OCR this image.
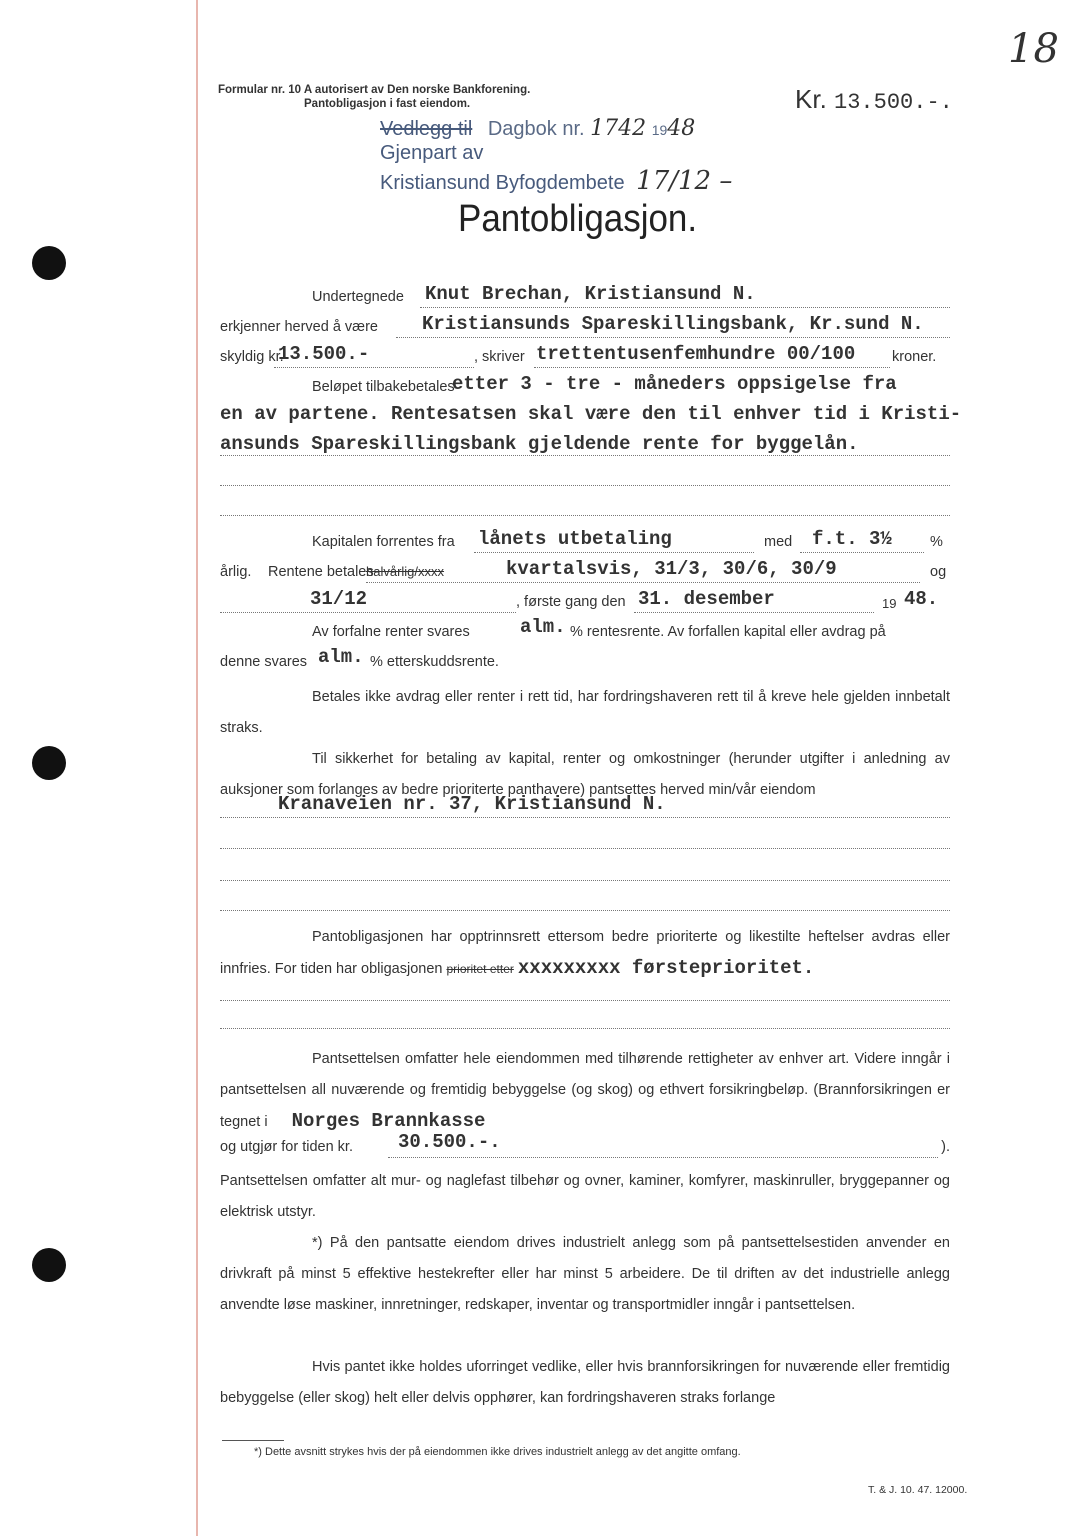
18
Formular nr. 10 A autorisert av Den norske Bankforening.
Pantobligasjon i fast eiendom.	Kr. 13.500.-.
Vedlegg til Dagbok nr. 1742 1948
Gjenpart av
Kristiansund Byfogdembete 17/12 –
Pantobligasjon.
Undertegnede Knut Brechan, Kristiansund N.
erkjenner herved å være Kristiansunds Spareskillingsbank, Kr.sund N.
skyldig kr.
13.500.-	, skriver trettentusenfemhundre 00/100	kroner.
Beløpet tilbakebetales
etter 3 - tre - måneders oppsigelse fra
en av partene. Rentesatsen skal være den til enhver tid i Kristi-
ansunds Spareskillingsbank gjeldende rente for byggelån.
Kapitalen forrentes fra lånets utbetaling	med f.t. 3½	%
årlig. Rentene betales
halvårlig/xxxx	kvartalsvis, 31/3, 30/6, 30/9	og
31/12	, første gang den 31. desember	19 48.
Av forfalne renter svares	alm. % rentesrente. Av forfallen kapital eller avdrag på
denne svares alm. % etterskuddsrente.
Betales ikke avdrag eller renter i rett tid, har fordringshaveren rett til å kreve hele gjelden innbetalt straks.
Til sikkerhet for betaling av kapital, renter og omkostninger (herunder utgifter i anledning av auksjoner som forlanges av bedre prioriterte panthavere) pantsettes herved min/vår eiendom
Kranaveien nr. 37, Kristiansund N.
Pantobligasjonen har opptrinnsrett ettersom bedre prioriterte og likestilte heftelser avdras eller innfries. For tiden har obligasjonen prioritet etter xxxxxxxxx førsteprioritet.
Pantsettelsen omfatter hele eiendommen med tilhørende rettigheter av enhver art. Videre inngår i pantsettelsen all nuværende og fremtidig bebyggelse (og skog) og ethvert forsikringbeløp. (Brannforsikringen er tegnet i Norges Brannkasse
og utgjør for tiden kr. 30.500.-.	).
Pantsettelsen omfatter alt mur- og naglefast tilbehør og ovner, kaminer, komfyrer, maskinruller, bryggepanner og elektrisk utstyr.
*) På den pantsatte eiendom drives industrielt anlegg som på pantsettelsestiden anvender en drivkraft på minst 5 effektive hestekrefter eller har minst 5 arbeidere. De til driften av det industrielle anlegg anvendte løse maskiner, innretninger, redskaper, inventar og transportmidler inngår i pantsettelsen.
Hvis pantet ikke holdes uforringet vedlike, eller hvis brannforsikringen for nuværende eller fremtidig bebyggelse (eller skog) helt eller delvis opphører, kan fordringshaveren straks forlange
*) Dette avsnitt strykes hvis der på eiendommen ikke drives industrielt anlegg av det angitte omfang.
T. & J. 10. 47. 12000.
